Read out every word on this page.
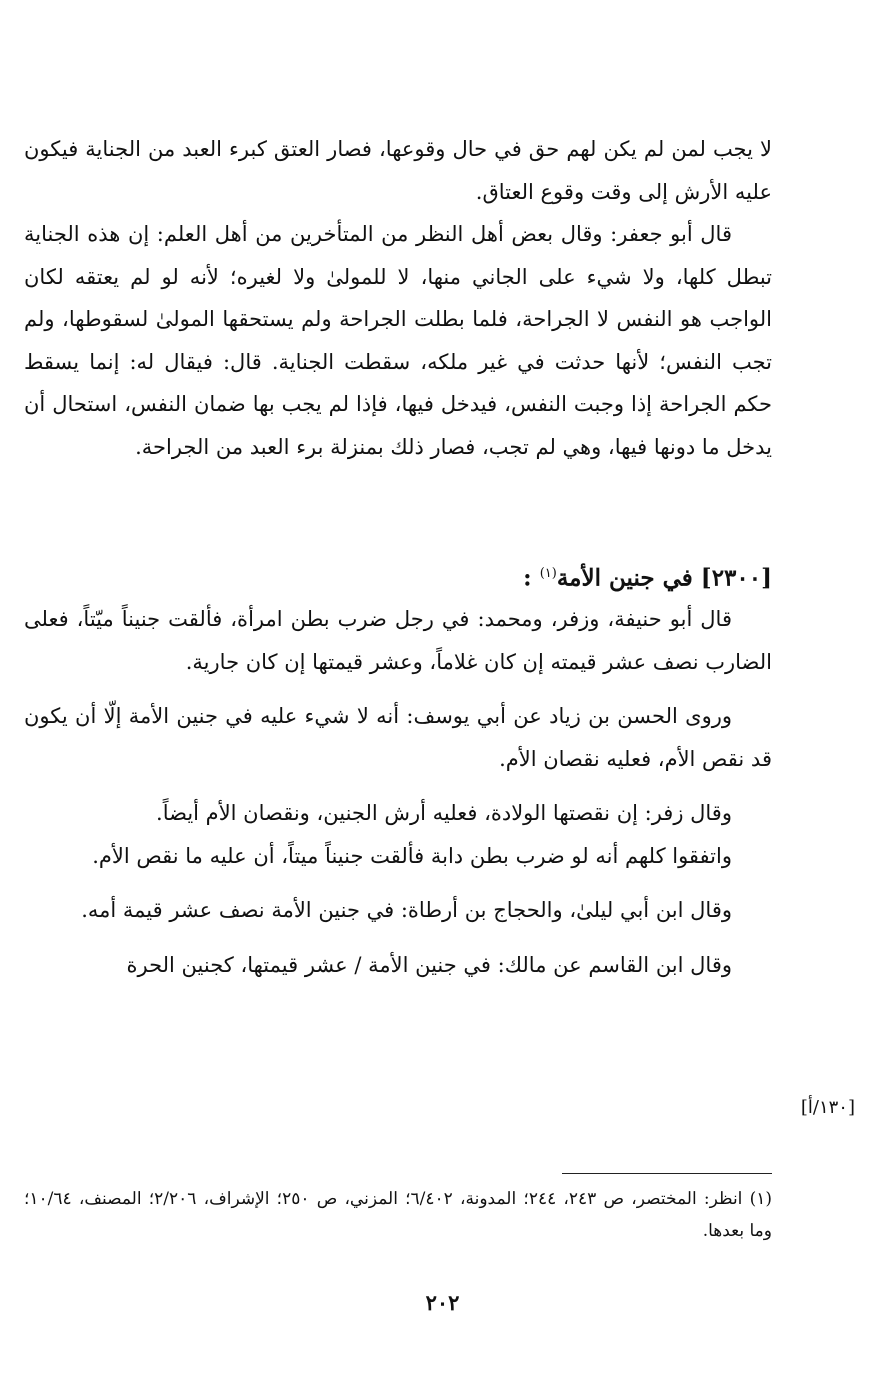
لا يجب لمن لم يكن لهم حق في حال وقوعها، فصار العتق كبرء العبد من الجناية فيكون عليه الأرش إلى وقت وقوع العتاق.

قال أبو جعفر: وقال بعض أهل النظر من المتأخرين من أهل العلم: إن هذه الجناية تبطل كلها، ولا شيء على الجاني منها، لا للمولىٰ ولا لغيره؛ لأنه لو لم يعتقه لكان الواجب هو النفس لا الجراحة، فلما بطلت الجراحة ولم يستحقها المولىٰ لسقوطها، ولم تجب النفس؛ لأنها حدثت في غير ملكه، سقطت الجناية. قال: فيقال له: إنما يسقط حكم الجراحة إذا وجبت النفس، فيدخل فيها، فإذا لم يجب بها ضمان النفس، استحال أن يدخل ما دونها فيها، وهي لم تجب، فصار ذلك بمنزلة برء العبد من الجراحة.

[٢٣٠٠] في جنين الأمة$^{(١)}$ :

قال أبو حنيفة، وزفر، ومحمد: في رجل ضرب بطن امرأة، فألقت جنيناً ميّتاً، فعلى الضارب نصف عشر قيمته إن كان غلاماً، وعشر قيمتها إن كان جارية.

وروى الحسن بن زياد عن أبي يوسف: أنه لا شيء عليه في جنين الأمة إلّا أن يكون قد نقص الأم، فعليه نقصان الأم.

وقال زفر: إن نقصتها الولادة، فعليه أرش الجنين، ونقصان الأم أيضاً.

واتفقوا كلهم أنه لو ضرب بطن دابة فألقت جنيناً ميتاً، أن عليه ما نقص الأم.

وقال ابن أبي ليلىٰ، والحجاج بن أرطاة: في جنين الأمة نصف عشر قيمة أمه.

وقال ابن القاسم عن مالك: في جنين الأمة / عشر قيمتها، كجنين الحرة

[١٣٠/أ]

(١) انظر: المختصر، ص ٢٤٣، ٢٤٤؛ المدونة، ٦/٤٠٢؛ المزني، ص ٢٥٠؛ الإشراف، ٢/٢٠٦؛ المصنف، ١٠/٦٤؛ وما بعدها.

٢٠٢
